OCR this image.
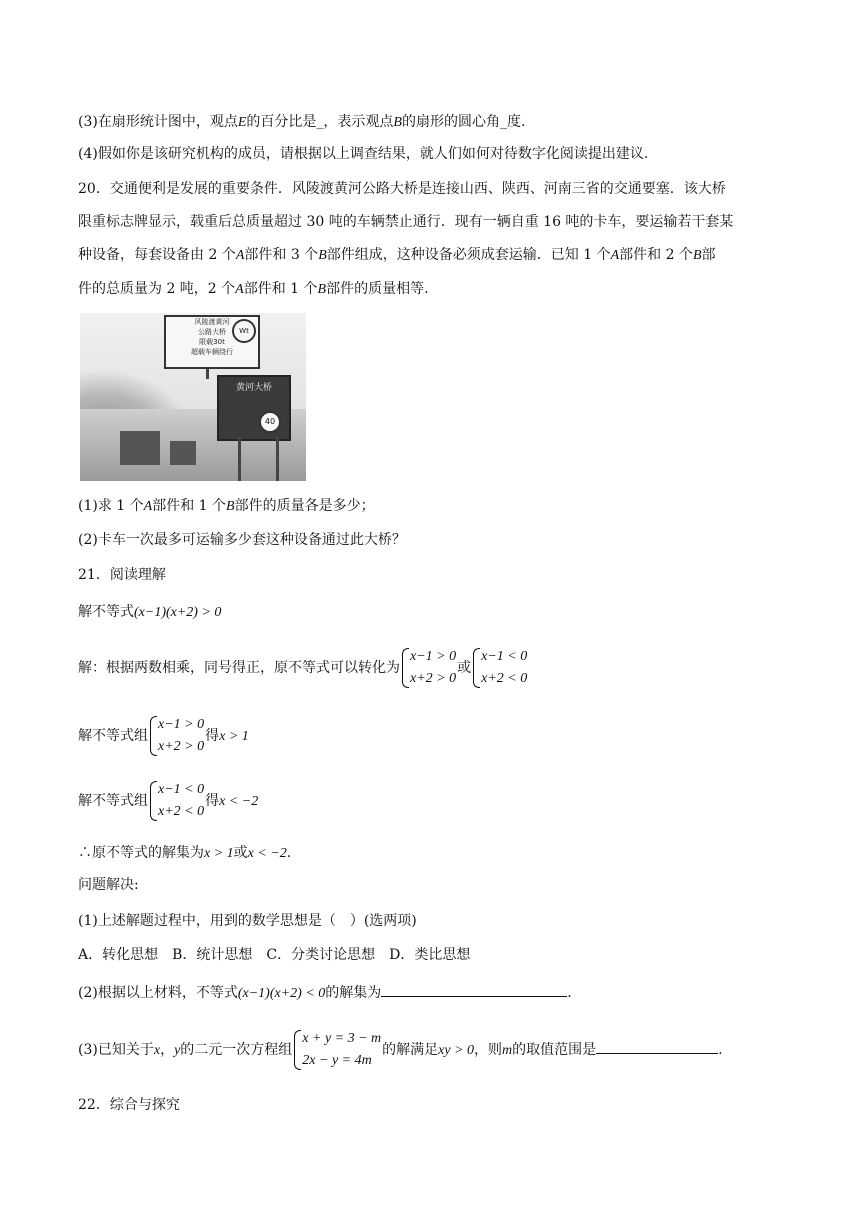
(3)在扇形统计图中，观点E的百分比是_，表示观点B的扇形的圆心角_度.
(4)假如你是该研究机构的成员，请根据以上调查结果，就人们如何对待数字化阅读提出建议.
20．交通便利是发展的重要条件．风陵渡黄河公路大桥是连接山西、陕西、河南三省的交通要塞．该大桥
限重标志牌显示，载重后总质量超过 30 吨的车辆禁止通行．现有一辆自重 16 吨的卡车，要运输若干套某
种设备，每套设备由 2 个A部件和 3 个B部件组成，这种设备必须成套运输．已知 1 个A部件和 2 个B部
件的总质量为 2 吨，2 个A部件和 1 个B部件的质量相等.
风陵渡黄河
公路大桥
限载30t
超载车辆绕行
Wt
黄河大桥
40
(1)求 1 个A部件和 1 个B部件的质量各是多少；
(2)卡车一次最多可运输多少套这种设备通过此大桥？
21．阅读理解
解不等式(x−1)(x+2) > 0
解：根据两数相乘，同号得正，原不等式可以转化为
x−1 > 0
x+2 > 0
或
x−1 < 0
x+2 < 0
解不等式组
x−1 > 0
x+2 > 0
得x > 1
解不等式组
x−1 < 0
x+2 < 0
得x < −2
∴原不等式的解集为x > 1或x < −2.
问题解决:
(1)上述解题过程中，用到的数学思想是（　）(选两项)
A．转化思想　B．统计思想　C．分类讨论思想　D．类比思想
(2)根据以上材料，不等式(x−1)(x+2) < 0的解集为	.
(3)已知关于x，y的二元一次方程组
x + y = 3 − m
2x − y = 4m
的解满足xy > 0，则m的取值范围是	.
22．综合与探究
